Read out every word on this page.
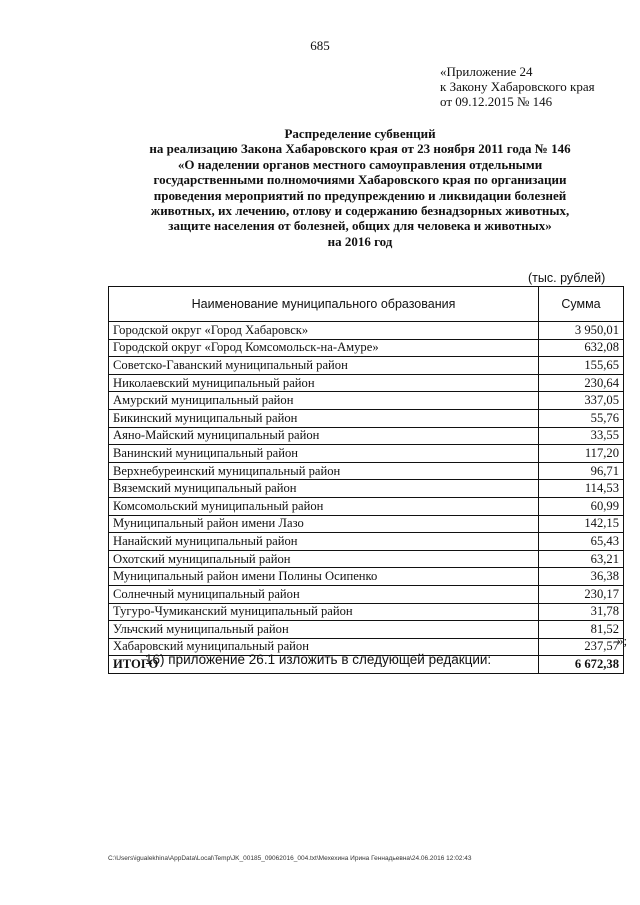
685
«Приложение 24
к Закону Хабаровского края
от 09.12.2015 № 146
Распределение субвенций
на реализацию Закона Хабаровского края от 23 ноября 2011 года № 146
«О наделении органов местного самоуправления отдельными
государственными полномочиями Хабаровского края по организации
проведения мероприятий по предупреждению и ликвидации болезней
животных, их лечению, отлову и содержанию безнадзорных животных,
защите населения от болезней, общих для человека и животных»
на 2016 год
(тыс. рублей)
Наименование муниципального образования	Сумма
Городской округ «Город Хабаровск»	3 950,01
Городской округ «Город Комсомольск-на-Амуре»	632,08
Советско-Гаванский муниципальный район	155,65
Николаевский муниципальный район	230,64
Амурский муниципальный район	337,05
Бикинский муниципальный район	55,76
Аяно-Майский муниципальный район	33,55
Ванинский муниципальный район	117,20
Верхнебуреинский муниципальный район	96,71
Вяземский муниципальный район	114,53
Комсомольский муниципальный район	60,99
Муниципальный район имени Лазо	142,15
Нанайский муниципальный район	65,43
Охотский муниципальный район	63,21
Муниципальный район имени Полины Осипенко	36,38
Солнечный муниципальный район	230,17
Тугуро-Чумиканский муниципальный район	31,78
Ульчский муниципальный район	81,52
Хабаровский муниципальный район	237,57
ИТОГО	6 672,38
»;
16) приложение 26.1 изложить в следующей редакции:
C:\Users\igualekhina\AppData\Local\Temp\JK_00185_09062016_004.txt\Мехехина Ирина Геннадьевна\24.06.2016 12:02:43
